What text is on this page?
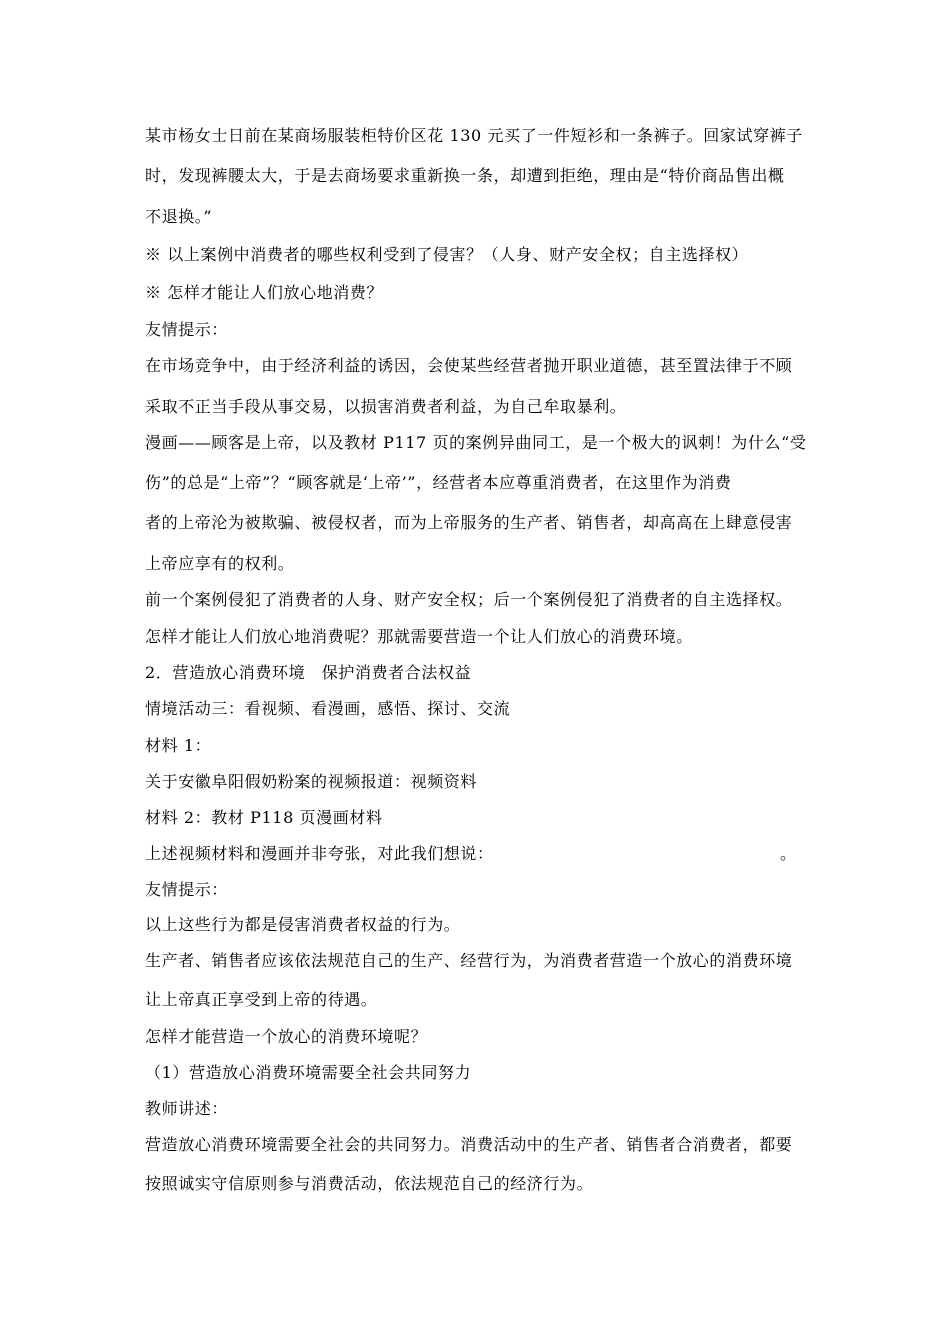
某市杨女士日前在某商场服装柜特价区花 130 元买了一件短衫和一条裤子。回家试穿裤子
时，发现裤腰太大，于是去商场要求重新换一条，却遭到拒绝，理由是“特价商品售出概
不退换。”
※ 以上案例中消费者的哪些权利受到了侵害？（人身、财产安全权；自主选择权）
※ 怎样才能让人们放心地消费？
友情提示：
在市场竞争中，由于经济利益的诱因，会使某些经营者抛开职业道德，甚至置法律于不顾
采取不正当手段从事交易，以损害消费者利益，为自己牟取暴利。
漫画——顾客是上帝，以及教材 P117 页的案例异曲同工，是一个极大的讽刺！为什么“受
伤”的总是“上帝”？“顾客就是‘上帝’”，经营者本应尊重消费者，在这里作为消费
者的上帝沦为被欺骗、被侵权者，而为上帝服务的生产者、销售者，却高高在上肆意侵害
上帝应享有的权利。
前一个案例侵犯了消费者的人身、财产安全权；后一个案例侵犯了消费者的自主选择权。
怎样才能让人们放心地消费呢？那就需要营造一个让人们放心的消费环境。
2．营造放心消费环境　保护消费者合法权益
情境活动三：看视频、看漫画，感悟、探讨、交流
材料 1：
关于安徽阜阳假奶粉案的视频报道：视频资料
材料 2：教材 P118 页漫画材料
上述视频材料和漫画并非夸张，对此我们想说：	。
友情提示：
以上这些行为都是侵害消费者权益的行为。
生产者、销售者应该依法规范自己的生产、经营行为，为消费者营造一个放心的消费环境
让上帝真正享受到上帝的待遇。
怎样才能营造一个放心的消费环境呢？
（1）营造放心消费环境需要全社会共同努力
教师讲述：
营造放心消费环境需要全社会的共同努力。消费活动中的生产者、销售者合消费者，都要
按照诚实守信原则参与消费活动，依法规范自己的经济行为。
